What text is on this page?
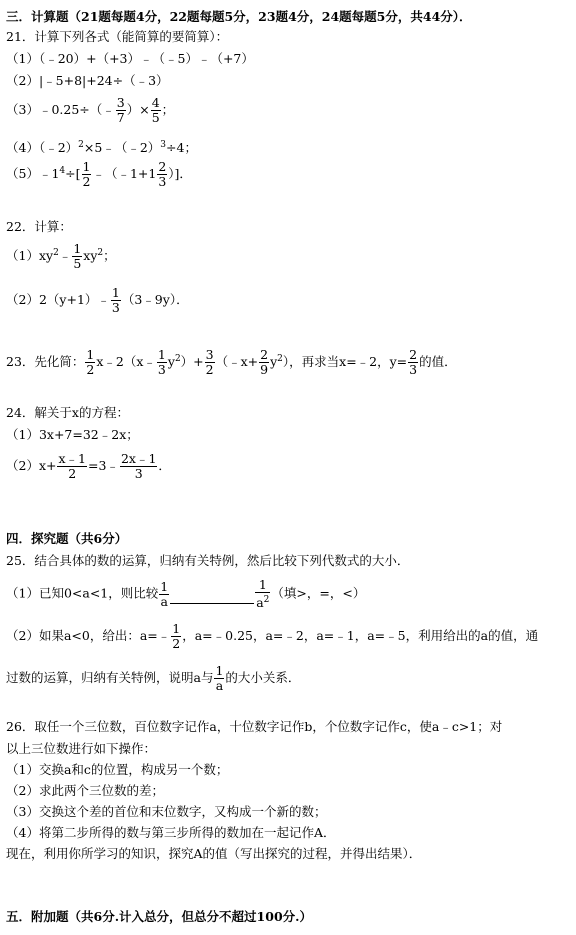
三．计算题（21题每题4分，22题每题5分，23题4分，24题每题5分，共44分）．
21．计算下列各式（能简算的要简算）：
（1）（﹣20）+（+3）﹣（﹣5）﹣（+7）
（2）|﹣5+8|+24÷（﹣3）
（3）﹣0.25÷（﹣ $\frac{3}{7}$ ）× $\frac{4}{5}$ ；
（4）（﹣2）$^2$×5﹣（﹣2）$^3$÷4；
$(5)﹣1^4\div[ \frac{1}{2}$ ﹣（﹣1+1 $\frac{2}{3}$ ）]．
22．计算：
$(1)xy^2﹣ \frac{1}{5} xy^2$；
（2）2（y+1）﹣ $\frac{1}{3}$ （3﹣9y）．
23．先化简： $\frac{1}{2}$ x﹣2（x﹣ $\frac{1}{3} y^2)+ \frac{3}{2}$ （﹣x+ $\frac{2}{9} y^2$），再求当x=﹣2，$y= \frac{2}{3}$ 的值．
24．解关于x的方程：
（1）3x+7=32﹣2x；
$(2)x+ \frac{x﹣1}{2}$ =3﹣ $\frac{2x﹣1}{3}$ ．
四．探究题（共6分）
25．结合具体的数的运算，归纳有关特例，然后比较下列代数式的大小．
（1）已知0<a<1，则比较 $\frac{1}{a}$	$\frac{1}{a^2}$ （填>，=，<）
（2）如果a<0，给出：a=﹣ $\frac{1}{2}$ ，a=﹣0.25，a=﹣2，a=﹣1，a=﹣5，利用给出的a的值，通
过数的运算，归纳有关特例，说明a与 $\frac{1}{a}$ 的大小关系．
26．取任一个三位数，百位数字记作a，十位数字记作b，个位数字记作c，使a﹣c>1；对
以上三位数进行如下操作：
（1）交换a和c的位置，构成另一个数；
（2）求此两个三位数的差；
（3）交换这个差的首位和末位数字，又构成一个新的数；
（4）将第二步所得的数与第三步所得的数加在一起记作A．
现在，利用你所学习的知识，探究A的值（写出探究的过程，并得出结果）．
五．附加题（共6分.计入总分，但总分不超过100分.）
